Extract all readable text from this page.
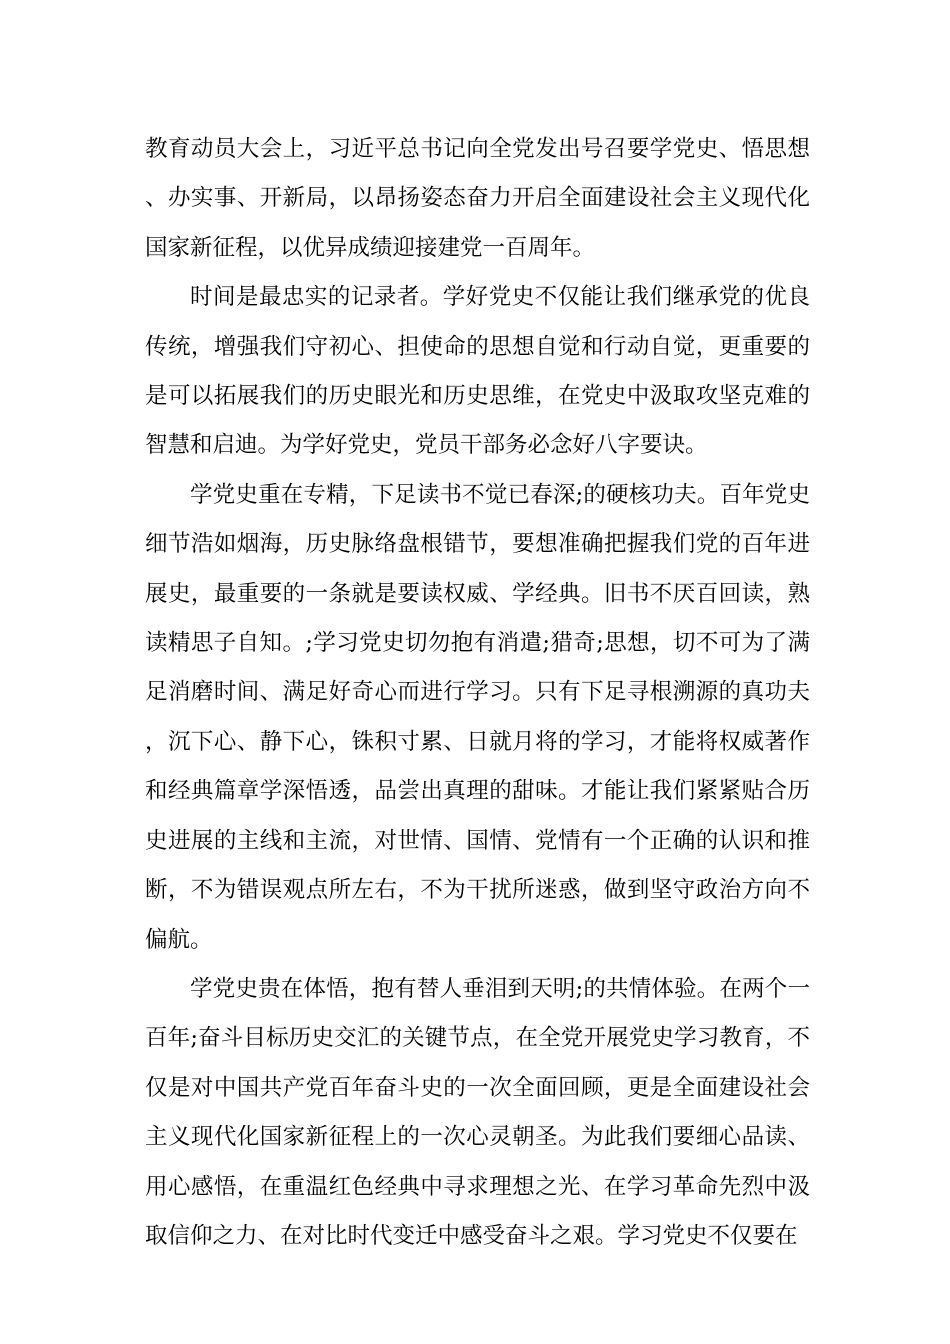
教育动员大会上，习近平总书记向全党发出号召要学党史、悟思想、办实事、开新局，以昂扬姿态奋力开启全面建设社会主义现代化国家新征程，以优异成绩迎接建党一百周年。

时间是最忠实的记录者。学好党史不仅能让我们继承党的优良传统，增强我们守初心、担使命的思想自觉和行动自觉，更重要的是可以拓展我们的历史眼光和历史思维，在党史中汲取攻坚克难的智慧和启迪。为学好党史，党员干部务必念好八字要诀。

学党史重在专精，下足读书不觉已春深;的硬核功夫。百年党史细节浩如烟海，历史脉络盘根错节，要想准确把握我们党的百年进展史，最重要的一条就是要读权威、学经典。旧书不厌百回读，熟读精思子自知。;学习党史切勿抱有消遣;猎奇;思想，切不可为了满足消磨时间、满足好奇心而进行学习。只有下足寻根溯源的真功夫，沉下心、静下心，铢积寸累、日就月将的学习，才能将权威著作和经典篇章学深悟透，品尝出真理的甜味。才能让我们紧紧贴合历史进展的主线和主流，对世情、国情、党情有一个正确的认识和推断，不为错误观点所左右，不为干扰所迷惑，做到坚守政治方向不偏航。

学党史贵在体悟，抱有替人垂泪到天明;的共情体验。在两个一百年;奋斗目标历史交汇的关键节点，在全党开展党史学习教育，不仅是对中国共产党百年奋斗史的一次全面回顾，更是全面建设社会主义现代化国家新征程上的一次心灵朝圣。为此我们要细心品读、用心感悟，在重温红色经典中寻求理想之光、在学习革命先烈中汲取信仰之力、在对比时代变迁中感受奋斗之艰。学习党史不仅要在
